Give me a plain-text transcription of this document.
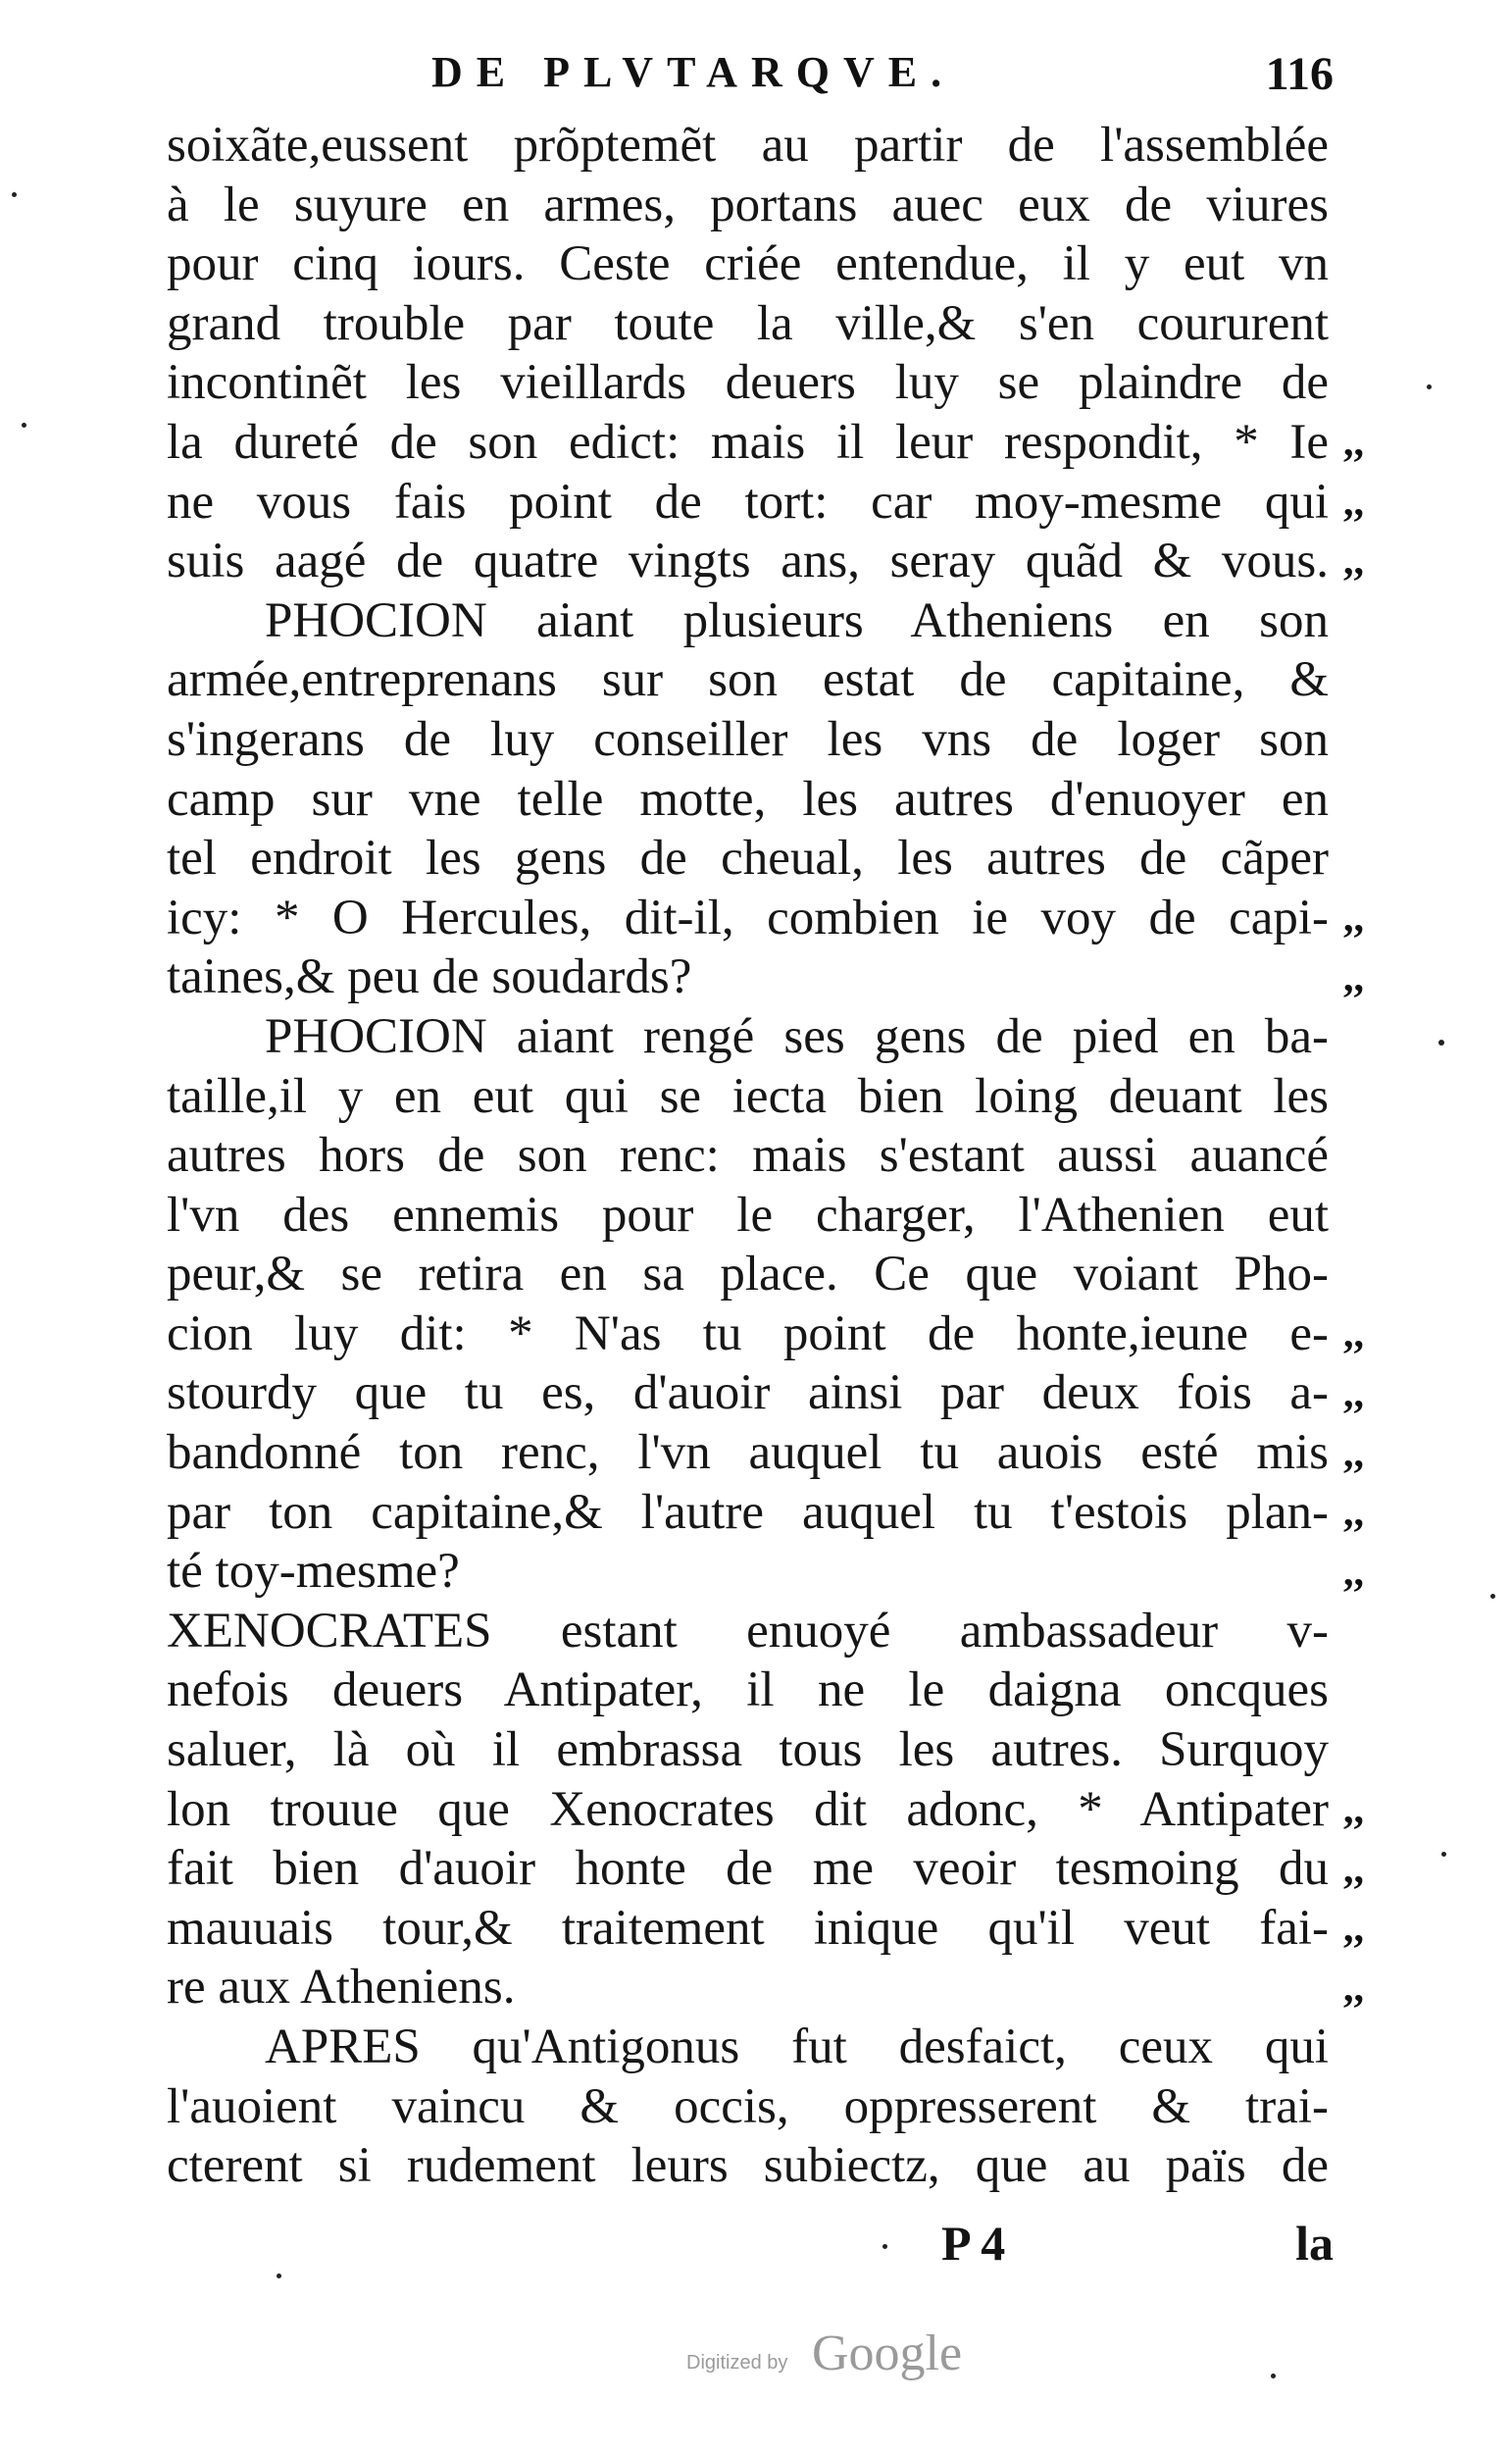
DE PLVTARQVE.	116
soixãte,eussent prõptemẽt au partir de l'assemblée
à le suyure en armes, portans auec eux de viures
pour cinq iours. Ceste criée entendue, il y eut vn
grand trouble par toute la ville,& s'en coururent
incontinẽt les vieillards deuers luy se plaindre de
la dureté de son edict: mais il leur respondit, * Ie
ne vous fais point de tort: car moy-mesme qui
suis aagé de quatre vingts ans, seray quãd & vous.
PHOCION aiant plusieurs Atheniens en son
armée,entreprenans sur son estat de capitaine, &
s'ingerans de luy conseiller les vns de loger son
camp sur vne telle motte, les autres d'enuoyer en
tel endroit les gens de cheual, les autres de cãper
icy: * O Hercules, dit-il, combien ie voy de capi-
taines,& peu de soudards?
PHOCION aiant rengé ses gens de pied en ba-
taille,il y en eut qui se iecta bien loing deuant les
autres hors de son renc: mais s'estant aussi auancé
l'vn des ennemis pour le charger, l'Athenien eut
peur,& se retira en sa place. Ce que voiant Pho-
cion luy dit: * N'as tu point de honte,ieune e-
stourdy que tu es, d'auoir ainsi par deux fois a-
bandonné ton renc, l'vn auquel tu auois esté mis
par ton capitaine,& l'autre auquel tu t'estois plan-
té toy-mesme?
XENOCRATES estant enuoyé ambassadeur v-
nefois deuers Antipater, il ne le daigna oncques
saluer, là où il embrassa tous les autres. Surquoy
lon trouue que Xenocrates dit adonc, * Antipater
fait bien d'auoir honte de me veoir tesmoing du
mauuais tour,& traitement inique qu'il veut fai-
re aux Atheniens.
APRES qu'Antigonus fut desfaict, ceux qui
l'auoient vaincu & occis, oppresserent & trai-
cterent si rudement leurs subiectz, que au païs de
,,
,,
,,
,,
,,
,,
,,
,,
,,
,,
,,
,,
,,
,,
P 4	la
Digitized by Google
